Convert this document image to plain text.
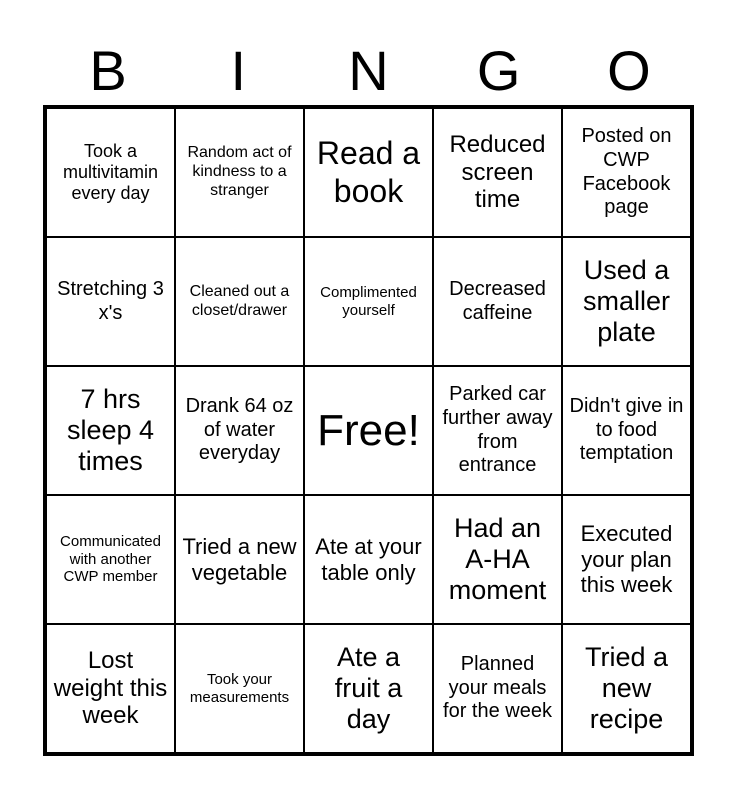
B	I	N	G	O
Took a multivitamin every day
Random act of kindness to a stranger
Read a book
Reduced screen time
Posted on CWP Facebook page
Stretching 3 x's
Cleaned out a closet/drawer
Complimented yourself
Decreased caffeine
Used a smaller plate
7 hrs sleep 4 times
Drank 64 oz of water everyday Free!
Parked car further away from entrance
Didn't give in to food temptation
Communicated with another CWP member
Tried a new vegetable
Ate at your table only
Had an A-HA moment
Executed your plan this week
Lost weight this week
Took your measurements
Ate a fruit a day
Planned your meals for the week
Tried a new recipe
